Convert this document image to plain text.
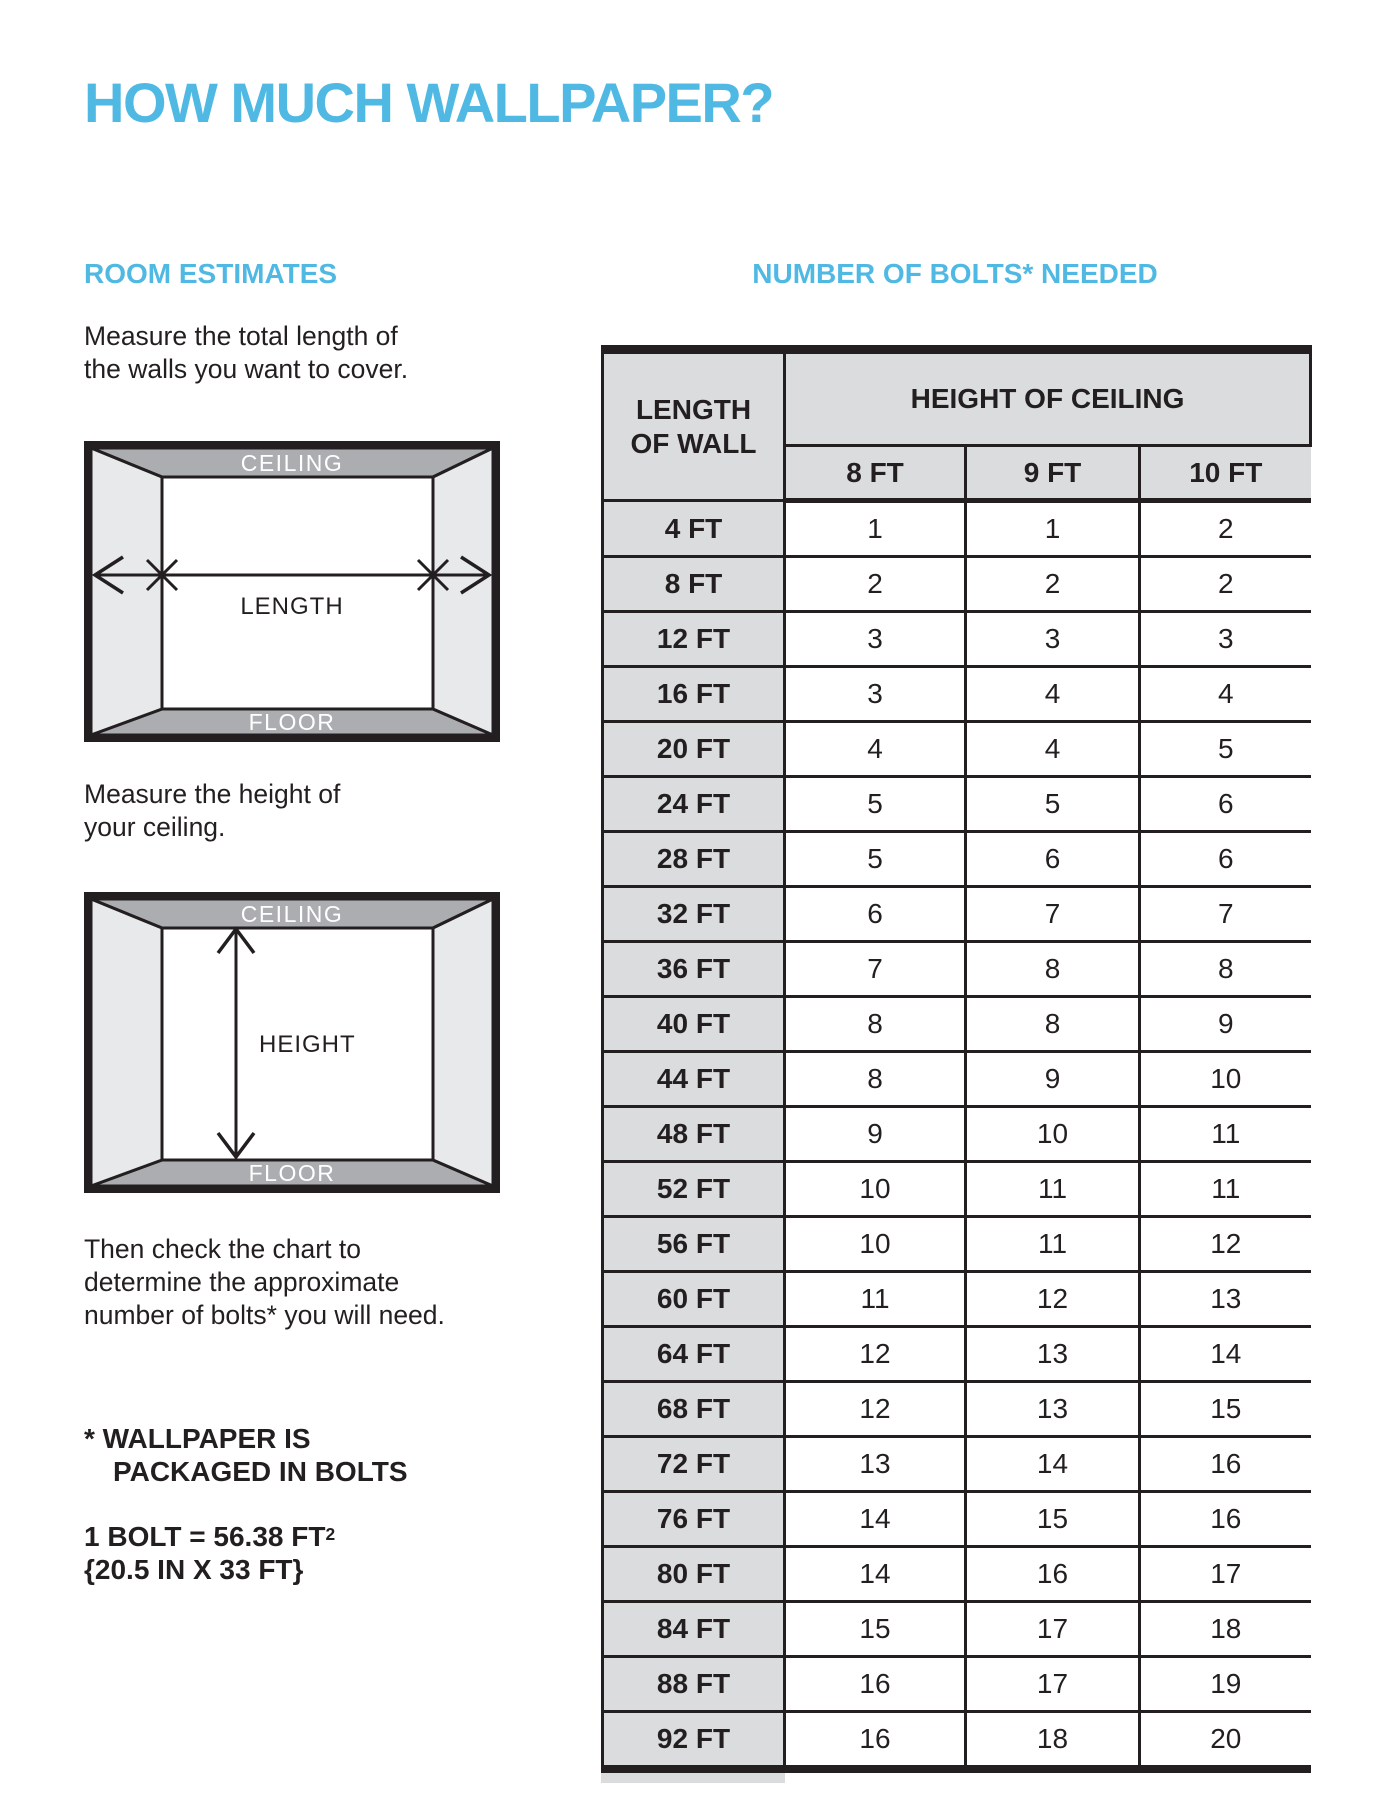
HOW MUCH WALLPAPER?
ROOM ESTIMATES
Measure the total length of
the walls you want to cover.
CEILING
FLOOR
LENGTH
Measure the height of
your ceiling.
CEILING
FLOOR
HEIGHT
Then check the chart to
determine the approximate
number of bolts* you will need.
* WALLPAPER IS
PACKAGED IN BOLTS
1 BOLT = 56.38 $FT^2$
{20.5 IN X 33 FT}
NUMBER OF BOLTS* NEEDED
LENGTH
OF WALL	HEIGHT OF CEILING		
	8 FT	9 FT	10 FT
4 FT	1	1	2
8 FT	2	2	2
12 FT	3	3	3
16 FT	3	4	4
20 FT	4	4	5
24 FT	5	5	6
28 FT	5	6	6
32 FT	6	7	7
36 FT	7	8	8
40 FT	8	8	9
44 FT	8	9	10
48 FT	9	10	11
52 FT	10	11	11
56 FT	10	11	12
60 FT	11	12	13
64 FT	12	13	14
68 FT	12	13	15
72 FT	13	14	16
76 FT	14	15	16
80 FT	14	16	17
84 FT	15	17	18
88 FT	16	17	19
92 FT	16	18	20
